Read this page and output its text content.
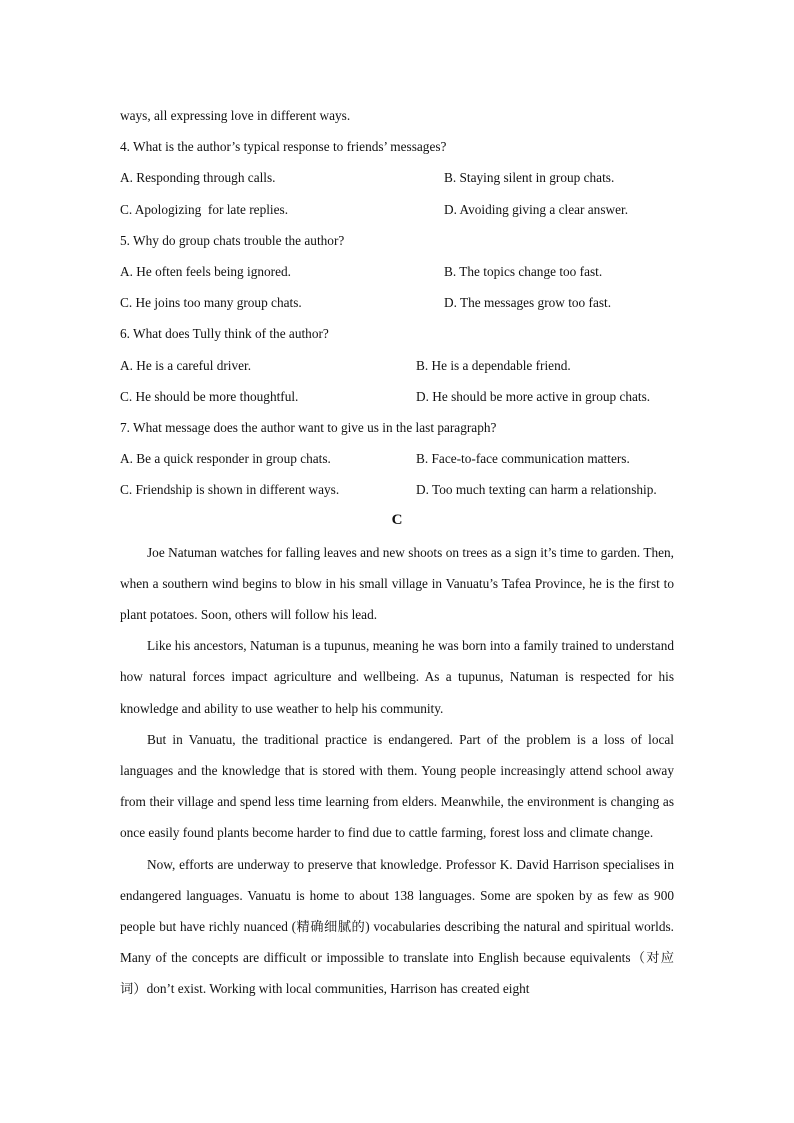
ways, all expressing love in different ways.
4. What is the author’s typical response to friends’ messages?
A. Responding through calls.	B. Staying silent in group chats.
C. Apologizing  for late replies.	D. Avoiding giving a clear answer.
5. Why do group chats trouble the author?
A. He often feels being ignored.	B. The topics change too fast.
C. He joins too many group chats.	D. The messages grow too fast.
6. What does Tully think of the author?
A. He is a careful driver.	B. He is a dependable friend.
C. He should be more thoughtful.	D. He should be more active in group chats.
7. What message does the author want to give us in the last paragraph?
A. Be a quick responder in group chats.	B. Face-to-face communication matters.
C. Friendship is shown in different ways.	D. Too much texting can harm a relationship.
C

Joe Natuman watches for falling leaves and new shoots on trees as a sign it’s time to garden. Then, when a southern wind begins to blow in his small village in Vanuatu’s Tafea Province, he is the first to plant potatoes. Soon, others will follow his lead.

Like his ancestors, Natuman is a tupunus, meaning he was born into a family trained to understand how natural forces impact agriculture and wellbeing. As a tupunus, Natuman is respected for his knowledge and ability to use weather to help his community.

But in Vanuatu, the traditional practice is endangered. Part of the problem is a loss of local languages and the knowledge that is stored with them. Young people increasingly attend school away from their village and spend less time learning from elders. Meanwhile, the environment is changing as once easily found plants become harder to find due to cattle farming, forest loss and climate change.

Now, efforts are underway to preserve that knowledge. Professor K. David Harrison specialises in endangered languages. Vanuatu is home to about 138 languages. Some are spoken by as few as 900 people but have richly nuanced (精确细腻的) vocabularies describing the natural and spiritual worlds. Many of the concepts are difficult or impossible to translate into English because equivalents（对应词）don’t exist. Working with local communities, Harrison has created eight
